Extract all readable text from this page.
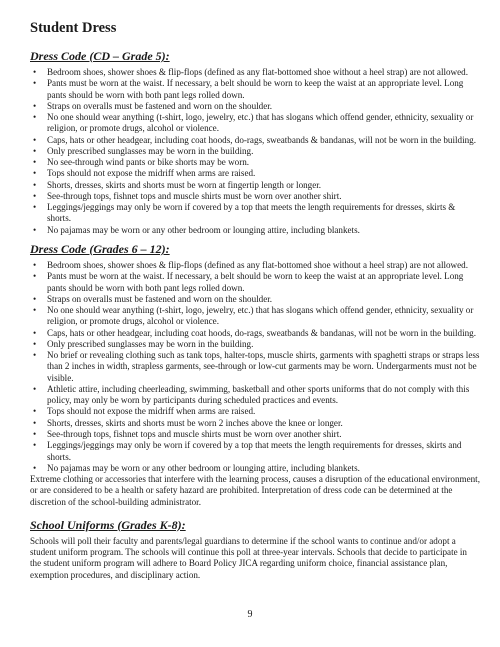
Student Dress
Dress Code (CD – Grade 5):
• Bedroom shoes, shower shoes & flip-flops (defined as any flat-bottomed shoe without a heel strap) are not allowed.
• Pants must be worn at the waist. If necessary, a belt should be worn to keep the waist at an appropriate level. Long pants should be worn with both pant legs rolled down.
• Straps on overalls must be fastened and worn on the shoulder.
• No one should wear anything (t-shirt, logo, jewelry, etc.) that has slogans which offend gender, ethnicity, sexuality or religion, or promote drugs, alcohol or violence.
• Caps, hats or other headgear, including coat hoods, do-rags, sweatbands & bandanas, will not be worn in the building.
• Only prescribed sunglasses may be worn in the building.
• No see-through wind pants or bike shorts may be worn.
• Tops should not expose the midriff when arms are raised.
• Shorts, dresses, skirts and shorts must be worn at fingertip length or longer.
• See-through tops, fishnet tops and muscle shirts must be worn over another shirt.
• Leggings/jeggings may only be worn if covered by a top that meets the length requirements for dresses, skirts & shorts.
• No pajamas may be worn or any other bedroom or lounging attire, including blankets.
Dress Code (Grades 6 – 12):
• Bedroom shoes, shower shoes & flip-flops (defined as any flat-bottomed shoe without a heel strap) are not allowed.
• Pants must be worn at the waist. If necessary, a belt should be worn to keep the waist at an appropriate level. Long pants should be worn with both pant legs rolled down.
• Straps on overalls must be fastened and worn on the shoulder.
• No one should wear anything (t-shirt, logo, jewelry, etc.) that has slogans which offend gender, ethnicity, sexuality or religion, or promote drugs, alcohol or violence.
• Caps, hats or other headgear, including coat hoods, do-rags, sweatbands & bandanas, will not be worn in the building.
• Only prescribed sunglasses may be worn in the building.
• No brief or revealing clothing such as tank tops, halter-tops, muscle shirts, garments with spaghetti straps or straps less than 2 inches in width, strapless garments, see-through or low-cut garments may be worn. Undergarments must not be visible.
• Athletic attire, including cheerleading, swimming, basketball and other sports uniforms that do not comply with this policy, may only be worn by participants during scheduled practices and events.
• Tops should not expose the midriff when arms are raised.
• Shorts, dresses, skirts and shorts must be worn 2 inches above the knee or longer.
• See-through tops, fishnet tops and muscle shirts must be worn over another shirt.
• Leggings/jeggings may only be worn if covered by a top that meets the length requirements for dresses, skirts and shorts.
• No pajamas may be worn or any other bedroom or lounging attire, including blankets.

Extreme clothing or accessories that interfere with the learning process, causes a disruption of the educational environment, or are considered to be a health or safety hazard are prohibited. Interpretation of dress code can be determined at the discretion of the school-building administrator.

School Uniforms (Grades K-8):

Schools will poll their faculty and parents/legal guardians to determine if the school wants to continue and/or adopt a student uniform program. The schools will continue this poll at three-year intervals. Schools that decide to participate in the student uniform program will adhere to Board Policy JICA regarding uniform choice, financial assistance plan, exemption procedures, and disciplinary action.

9
